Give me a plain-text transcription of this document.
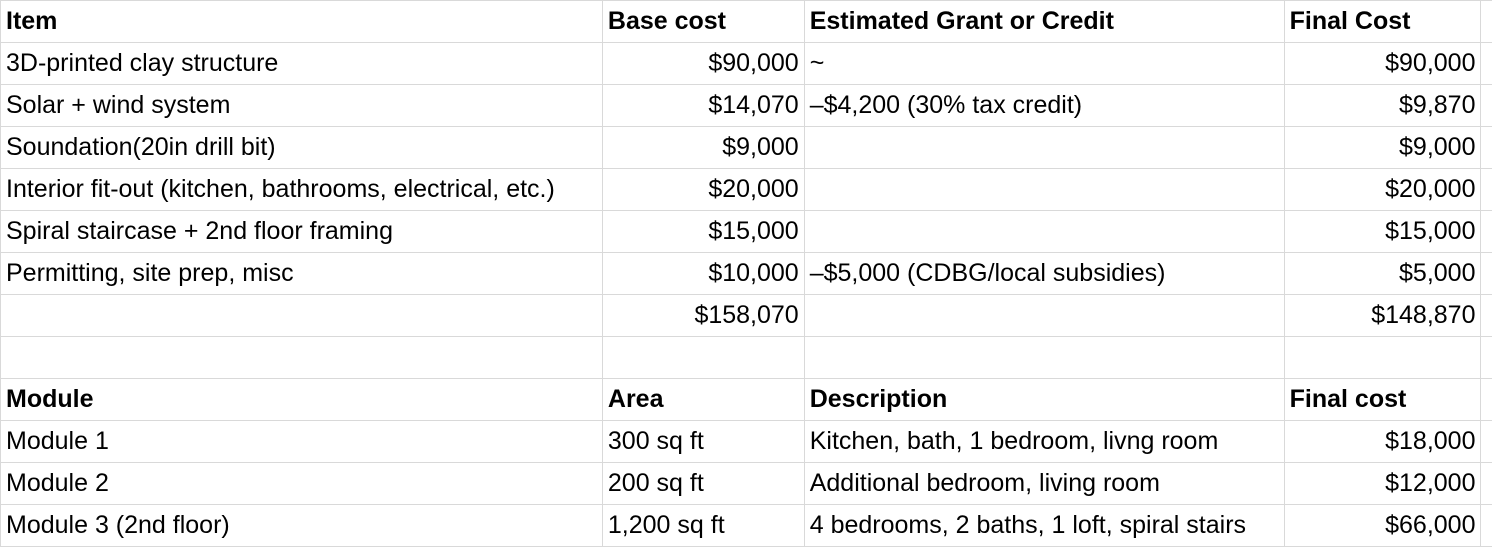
Item	Base cost	Estimated Grant or Credit	Final Cost	
3D-printed clay structure	$90,000	~	$90,000	
Solar + wind system	$14,070	–$4,200 (30% tax credit)	$9,870	
Soundation(20in drill bit)	$9,000		$9,000	
Interior fit-out (kitchen, bathrooms, electrical, etc.)	$20,000		$20,000	
Spiral staircase + 2nd floor framing	$15,000		$15,000	
Permitting, site prep, misc	$10,000	–$5,000 (CDBG/local subsidies)	$5,000	
	$158,070		$148,870	

Module	Area	Description	Final cost	
Module 1	300 sq ft	Kitchen, bath, 1 bedroom, livng room	$18,000	
Module 2	200 sq ft	Additional bedroom, living room	$12,000	
Module 3 (2nd floor)	1,200 sq ft	4 bedrooms, 2 baths, 1 loft, spiral stairs	$66,000	
